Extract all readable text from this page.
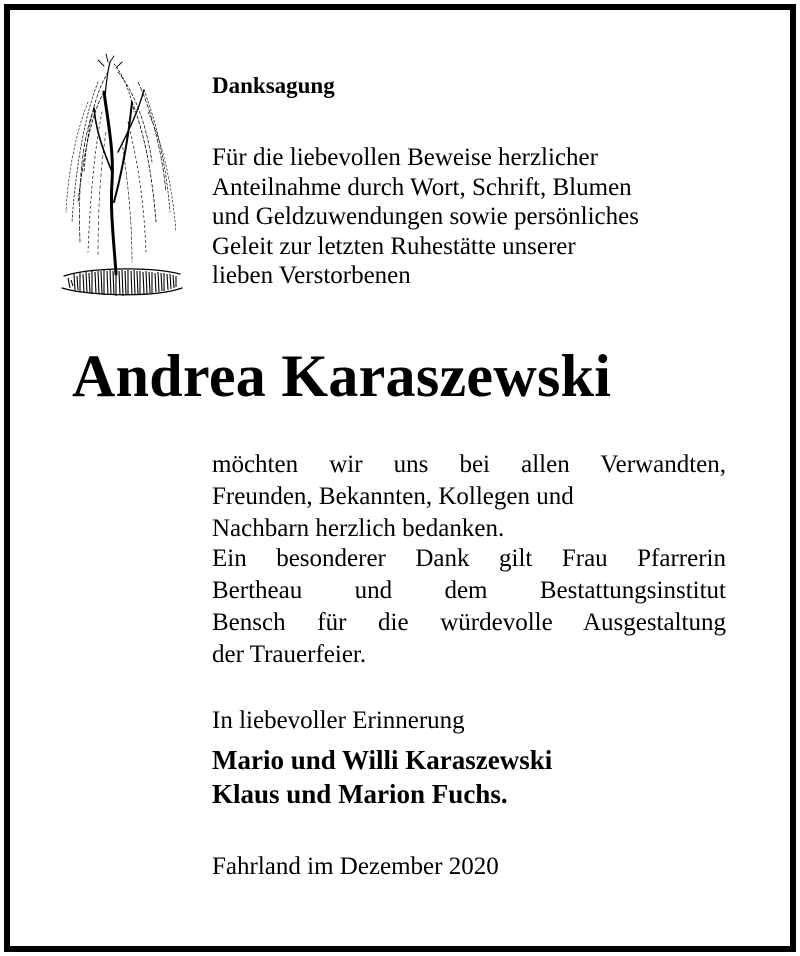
Danksagung
Für die liebevollen Beweise herzlicher
Anteilnahme durch Wort, Schrift, Blumen
und Geldzuwendungen sowie persönliches
Geleit zur letzten Ruhestätte unserer
lieben Verstorbenen
Andrea Karaszewski
möchten wir uns bei allen Verwandten,
Freunden, Bekannten, Kollegen und
Nachbarn herzlich bedanken.
Ein besonderer Dank gilt Frau Pfarrerin
Bertheau und dem Bestattungsinstitut
Bensch für die würdevolle Ausgestaltung
der Trauerfeier.
In liebevoller Erinnerung
Mario und Willi Karaszewski
Klaus und Marion Fuchs.
Fahrland im Dezember 2020
